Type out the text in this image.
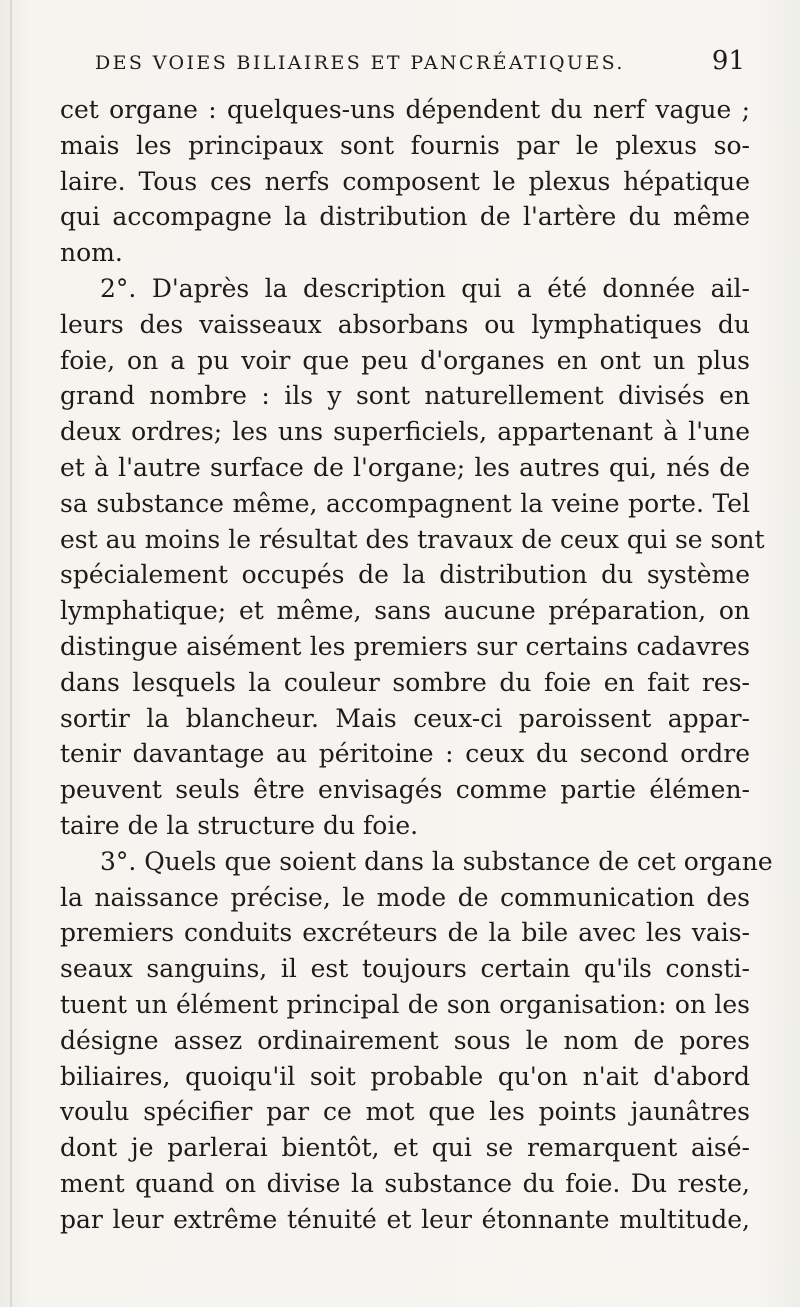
DES VOIES BILIAIRES ET PANCRÉATIQUES.	91
cet organe : quelques-uns dépendent du nerf vague ;
mais les principaux sont fournis par le plexus so-
laire. Tous ces nerfs composent le plexus hépatique
qui accompagne la distribution de l'artère du même
nom.
2°. D'après la description qui a été donnée ail-
leurs des vaisseaux absorbans ou lymphatiques du
foie, on a pu voir que peu d'organes en ont un plus
grand nombre : ils y sont naturellement divisés en
deux ordres; les uns superficiels, appartenant à l'une
et à l'autre surface de l'organe; les autres qui, nés de
sa substance même, accompagnent la veine porte. Tel
est au moins le résultat des travaux de ceux qui se sont
spécialement occupés de la distribution du système
lymphatique; et même, sans aucune préparation, on
distingue aisément les premiers sur certains cadavres
dans lesquels la couleur sombre du foie en fait res-
sortir la blancheur. Mais ceux-ci paroissent appar-
tenir davantage au péritoine : ceux du second ordre
peuvent seuls être envisagés comme partie élémen-
taire de la structure du foie.
3°. Quels que soient dans la substance de cet organe
la naissance précise, le mode de communication des
premiers conduits excréteurs de la bile avec les vais-
seaux sanguins, il est toujours certain qu'ils consti-
tuent un élément principal de son organisation: on les
désigne assez ordinairement sous le nom de pores
biliaires, quoiqu'il soit probable qu'on n'ait d'abord
voulu spécifier par ce mot que les points jaunâtres
dont je parlerai bientôt, et qui se remarquent aisé-
ment quand on divise la substance du foie. Du reste,
par leur extrême ténuité et leur étonnante multitude,
